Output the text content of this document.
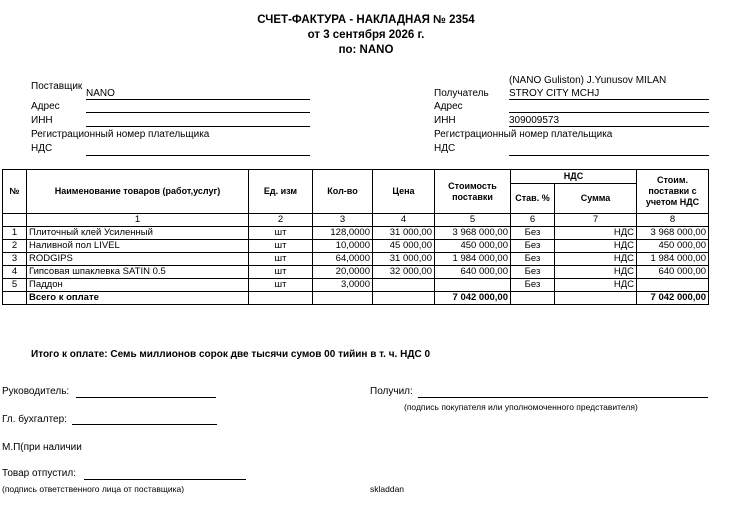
СЧЕТ-ФАКТУРА - НАКЛАДНАЯ № 2354
от 3 сентября 2026 г.
по: NANO
Поставщик
NANO
Адрес
ИНН
Регистрационный номер плательщика
НДС
(NANO Guliston) J.Yunusov MILAN
Получатель STROY CITY MCHJ
Адрес
ИНН	309009573
Регистрационный номер плательщика
НДС
№	Наименование товаров (работ,услуг)	Ед. изм	Кол-во	Цена	Стоимость поставки	НДС		Стоим. поставки с учетом НДС
						Став. %	Сумма	
	1	2	3	4	5	6	7	8
1	Плиточный клей Усиленный	шт	128,0000	31 000,00	3 968 000,00	Без	НДС	3 968 000,00
2	Наливной пол LIVEL	шт	10,0000	45 000,00	450 000,00	Без	НДС	450 000,00
3	RODGIPS	шт	64,0000	31 000,00	1 984 000,00	Без	НДС	1 984 000,00
4	Гипсовая шпаклевка SATIN 0.5	шт	20,0000	32 000,00	640 000,00	Без	НДС	640 000,00
5	Паддон	шт	3,0000			Без	НДС	
	Всего к оплате				7 042 000,00			7 042 000,00
Итого к оплате: Семь миллионов сорок две тысячи сумов 00 тийин в т. ч. НДС 0
Руководитель:	Получил:
(подпись покупателя или уполномоченного представителя)
Гл. бухгалтер:
М.П(при наличии
Товар отпустил:
(подпись ответственного лица от поставщика)	skladdan
